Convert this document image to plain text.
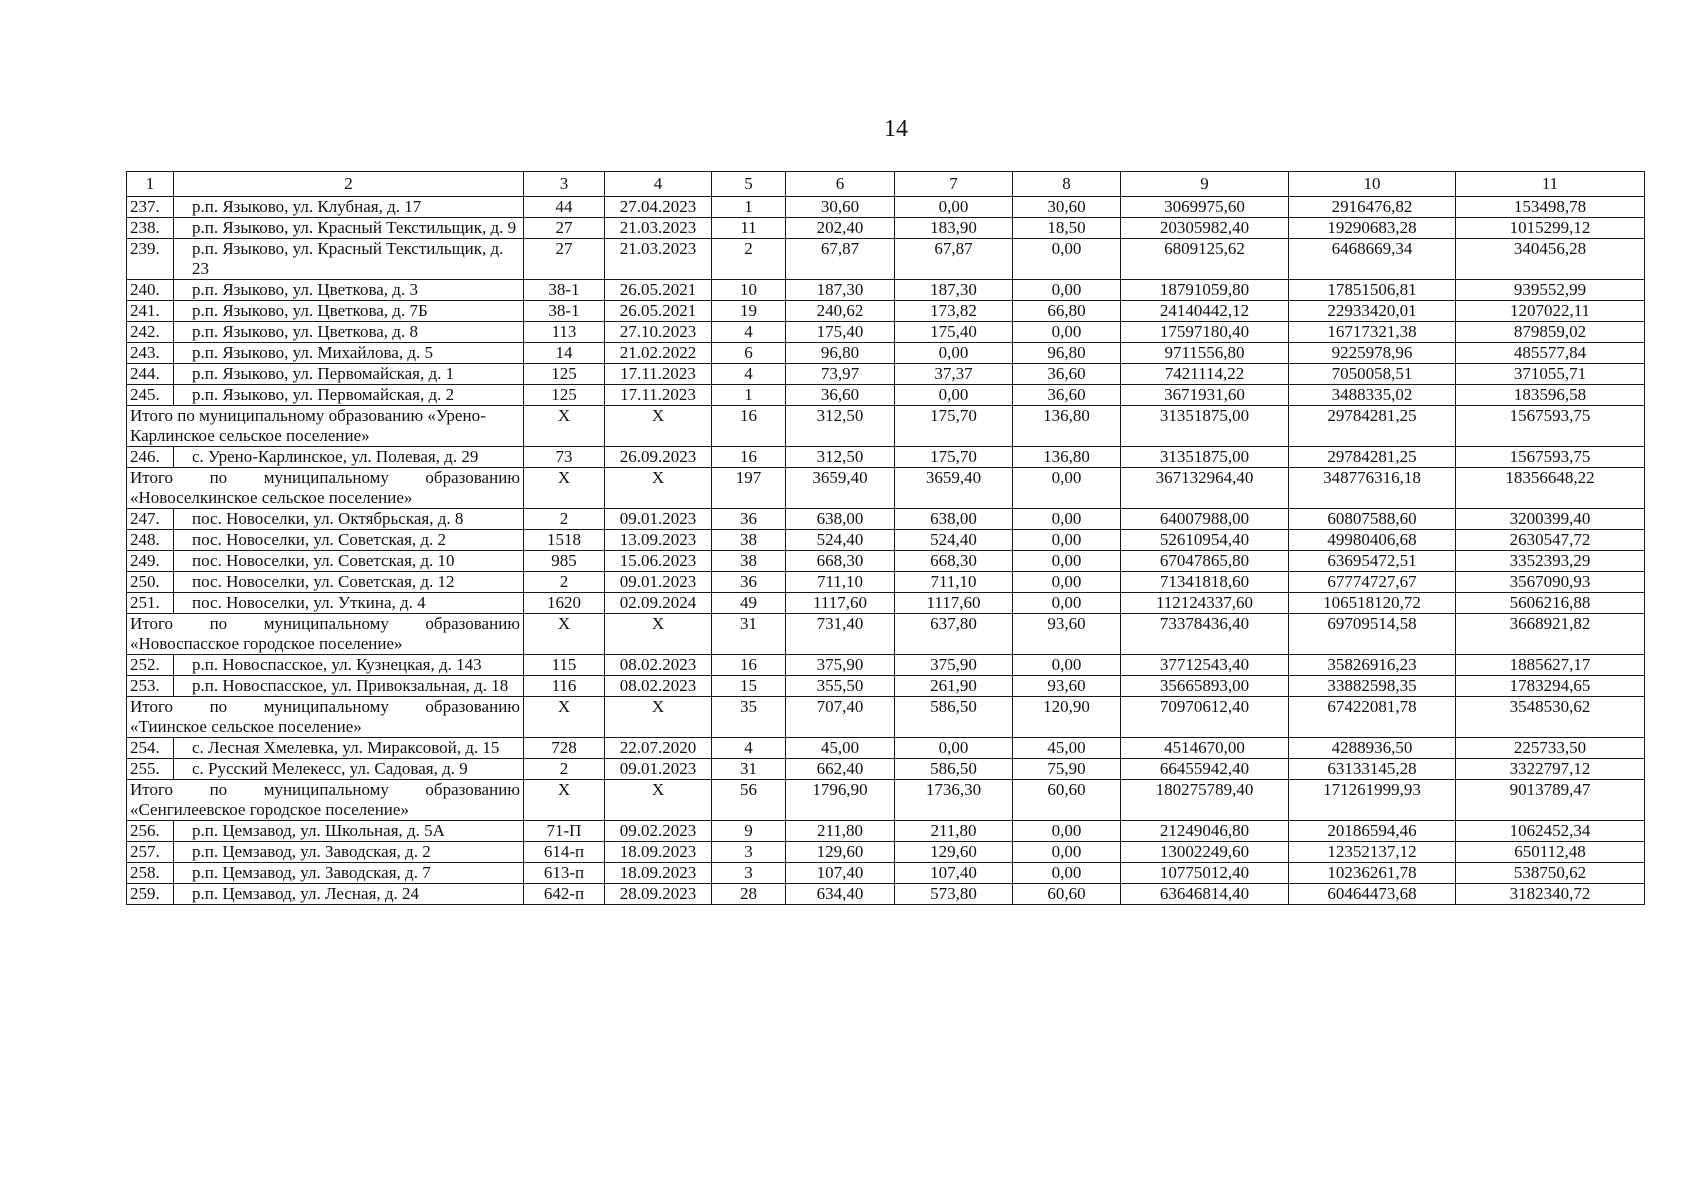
14
1	2	3	4	5	6	7	8	9	10	11
237.	р.п. Языково, ул. Клубная, д. 17	44	27.04.2023	1	30,60	0,00	30,60	3069975,60	2916476,82	153498,78
238.	р.п. Языково, ул. Красный Текстильщик, д. 9	27	21.03.2023	11	202,40	183,90	18,50	20305982,40	19290683,28	1015299,12
239.	р.п. Языково, ул. Красный Текстильщик, д. 23	27	21.03.2023	2	67,87	67,87	0,00	6809125,62	6468669,34	340456,28
240.	р.п. Языково, ул. Цветкова, д. 3	38-1	26.05.2021	10	187,30	187,30	0,00	18791059,80	17851506,81	939552,99
241.	р.п. Языково, ул. Цветкова, д. 7Б	38-1	26.05.2021	19	240,62	173,82	66,80	24140442,12	22933420,01	1207022,11
242.	р.п. Языково, ул. Цветкова, д. 8	113	27.10.2023	4	175,40	175,40	0,00	17597180,40	16717321,38	879859,02
243.	р.п. Языково, ул. Михайлова, д. 5	14	21.02.2022	6	96,80	0,00	96,80	9711556,80	9225978,96	485577,84
244.	р.п. Языково, ул. Первомайская, д. 1	125	17.11.2023	4	73,97	37,37	36,60	7421114,22	7050058,51	371055,71
245.	р.п. Языково, ул. Первомайская, д. 2	125	17.11.2023	1	36,60	0,00	36,60	3671931,60	3488335,02	183596,58
Итого по муниципальному образованию «Урено-
Карлинское сельское поселение»		Х	Х	16	312,50	175,70	136,80	31351875,00	29784281,25	1567593,75
246.	с. Урено-Карлинское, ул. Полевая, д. 29	73	26.09.2023	16	312,50	175,70	136,80	31351875,00	29784281,25	1567593,75
Итого по муниципальному образованию
«Новоселкинское сельское поселение»		Х	Х	197	3659,40	3659,40	0,00	367132964,40	348776316,18	18356648,22
247.	пос. Новоселки, ул. Октябрьская, д. 8	2	09.01.2023	36	638,00	638,00	0,00	64007988,00	60807588,60	3200399,40
248.	пос. Новоселки, ул. Советская, д. 2	1518	13.09.2023	38	524,40	524,40	0,00	52610954,40	49980406,68	2630547,72
249.	пос. Новоселки, ул. Советская, д. 10	985	15.06.2023	38	668,30	668,30	0,00	67047865,80	63695472,51	3352393,29
250.	пос. Новоселки, ул. Советская, д. 12	2	09.01.2023	36	711,10	711,10	0,00	71341818,60	67774727,67	3567090,93
251.	пос. Новоселки, ул. Уткина, д. 4	1620	02.09.2024	49	1117,60	1117,60	0,00	112124337,60	106518120,72	5606216,88
Итого по муниципальному образованию
«Новоспасское городское поселение»		Х	Х	31	731,40	637,80	93,60	73378436,40	69709514,58	3668921,82
252.	р.п. Новоспасское, ул. Кузнецкая, д. 143	115	08.02.2023	16	375,90	375,90	0,00	37712543,40	35826916,23	1885627,17
253.	р.п. Новоспасское, ул. Привокзальная, д. 18	116	08.02.2023	15	355,50	261,90	93,60	35665893,00	33882598,35	1783294,65
Итого по муниципальному образованию
«Тиинское сельское поселение»		Х	Х	35	707,40	586,50	120,90	70970612,40	67422081,78	3548530,62
254.	с. Лесная Хмелевка, ул. Мираксовой, д. 15	728	22.07.2020	4	45,00	0,00	45,00	4514670,00	4288936,50	225733,50
255.	с. Русский Мелекесс, ул. Садовая, д. 9	2	09.01.2023	31	662,40	586,50	75,90	66455942,40	63133145,28	3322797,12
Итого по муниципальному образованию
«Сенгилеевское городское поселение»		Х	Х	56	1796,90	1736,30	60,60	180275789,40	171261999,93	9013789,47
256.	р.п. Цемзавод, ул. Школьная, д. 5А	71-П	09.02.2023	9	211,80	211,80	0,00	21249046,80	20186594,46	1062452,34
257.	р.п. Цемзавод, ул. Заводская, д. 2	614-п	18.09.2023	3	129,60	129,60	0,00	13002249,60	12352137,12	650112,48
258.	р.п. Цемзавод, ул. Заводская, д. 7	613-п	18.09.2023	3	107,40	107,40	0,00	10775012,40	10236261,78	538750,62
259.	р.п. Цемзавод, ул. Лесная, д. 24	642-п	28.09.2023	28	634,40	573,80	60,60	63646814,40	60464473,68	3182340,72
